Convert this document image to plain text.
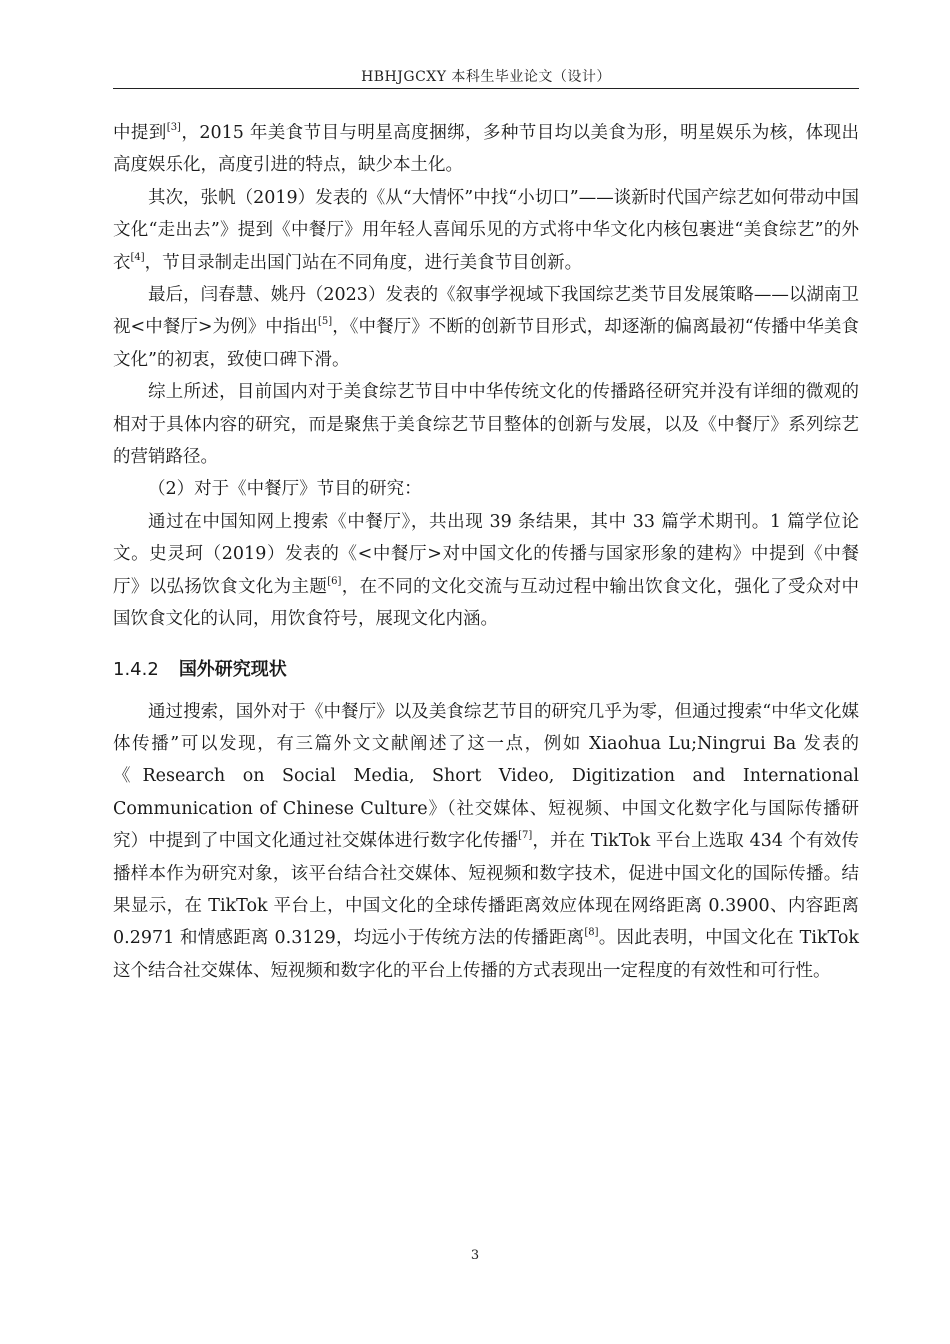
HBHJGCXY 本科生毕业论文（设计）

中提到[3]，2015 年美食节目与明星高度捆绑，多种节目均以美食为形，明星娱乐为核，体现出高度娱乐化，高度引进的特点，缺少本土化。

其次，张帆（2019）发表的《从“大情怀”中找“小切口”——谈新时代国产综艺如何带动中国文化“走出去”》提到《中餐厅》用年轻人喜闻乐见的方式将中华文化内核包裹进“美食综艺”的外衣[4]，节目录制走出国门站在不同角度，进行美食节目创新。

最后，闫春慧、姚丹（2023）发表的《叙事学视域下我国综艺类节目发展策略——以湖南卫视<中餐厅>为例》中指出[5]，《中餐厅》不断的创新节目形式，却逐渐的偏离最初“传播中华美食文化”的初衷，致使口碑下滑。

综上所述，目前国内对于美食综艺节目中中华传统文化的传播路径研究并没有详细的微观的相对于具体内容的研究，而是聚焦于美食综艺节目整体的创新与发展，以及《中餐厅》系列综艺的营销路径。

（2）对于《中餐厅》节目的研究：

通过在中国知网上搜索《中餐厅》，共出现 39 条结果，其中 33 篇学术期刊。1 篇学位论文。史灵珂（2019）发表的《<中餐厅>对中国文化的传播与国家形象的建构》中提到《中餐厅》以弘扬饮食文化为主题[6]，在不同的文化交流与互动过程中输出饮食文化，强化了受众对中国饮食文化的认同，用饮食符号，展现文化内涵。

1.4.2 国外研究现状

通过搜索，国外对于《中餐厅》以及美食综艺节目的研究几乎为零，但通过搜索“中华文化媒体传播”可以发现，有三篇外文文献阐述了这一点，例如 Xiaohua Lu;Ningrui Ba 发表的《Research on Social Media, Short Video, Digitization and International Communication of Chinese Culture》（社交媒体、短视频、中国文化数字化与国际传播研究）中提到了中国文化通过社交媒体进行数字化传播[7]，并在 TikTok 平台上选取 434 个有效传播样本作为研究对象，该平台结合社交媒体、短视频和数字技术，促进中国文化的国际传播。结果显示，在 TikTok 平台上，中国文化的全球传播距离效应体现在网络距离 0.3900、内容距离 0.2971 和情感距离 0.3129，均远小于传统方法的传播距离[8]。因此表明，中国文化在 TikTok 这个结合社交媒体、短视频和数字化的平台上传播的方式表现出一定程度的有效性和可行性。

3
